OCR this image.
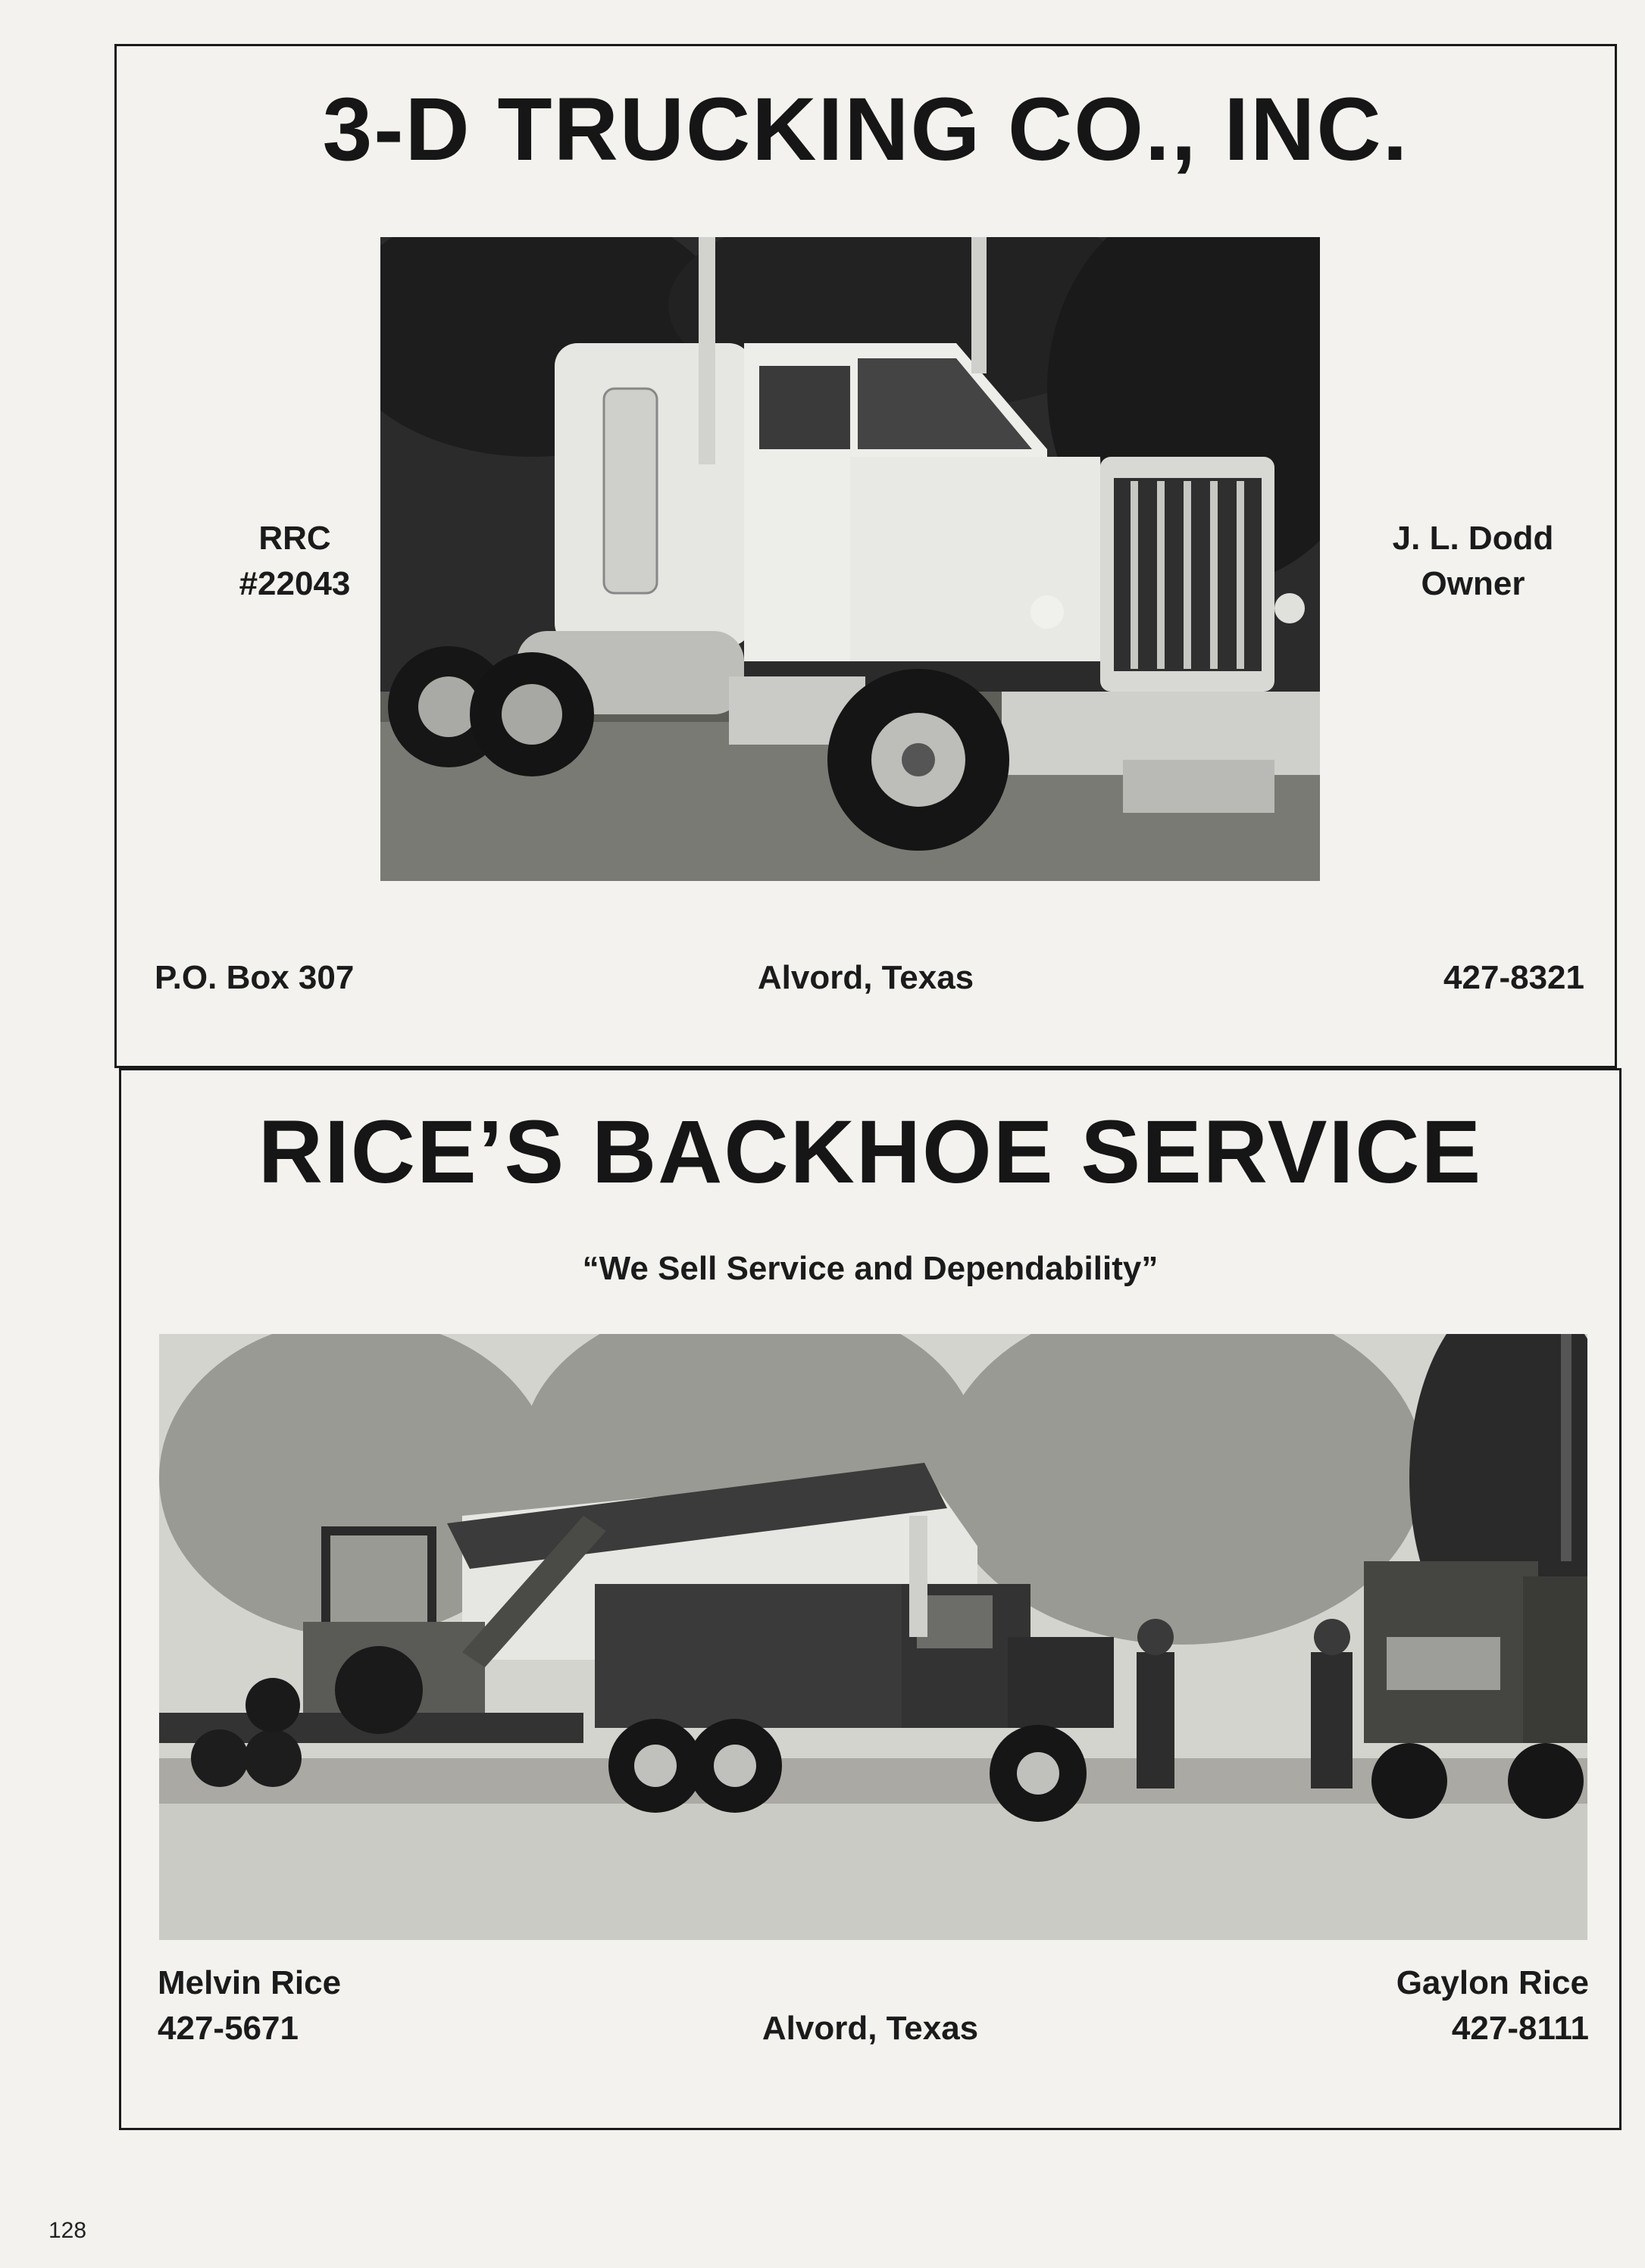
3-D TRUCKING CO., INC.
RRC
#22043
J. L. Dodd
Owner
P.O. Box 307	Alvord, Texas	427-8321
RICE’S BACKHOE SERVICE
“We Sell Service and Dependability”
Melvin Rice
427-5671	Alvord, Texas
Gaylon Rice
427-8111
128
